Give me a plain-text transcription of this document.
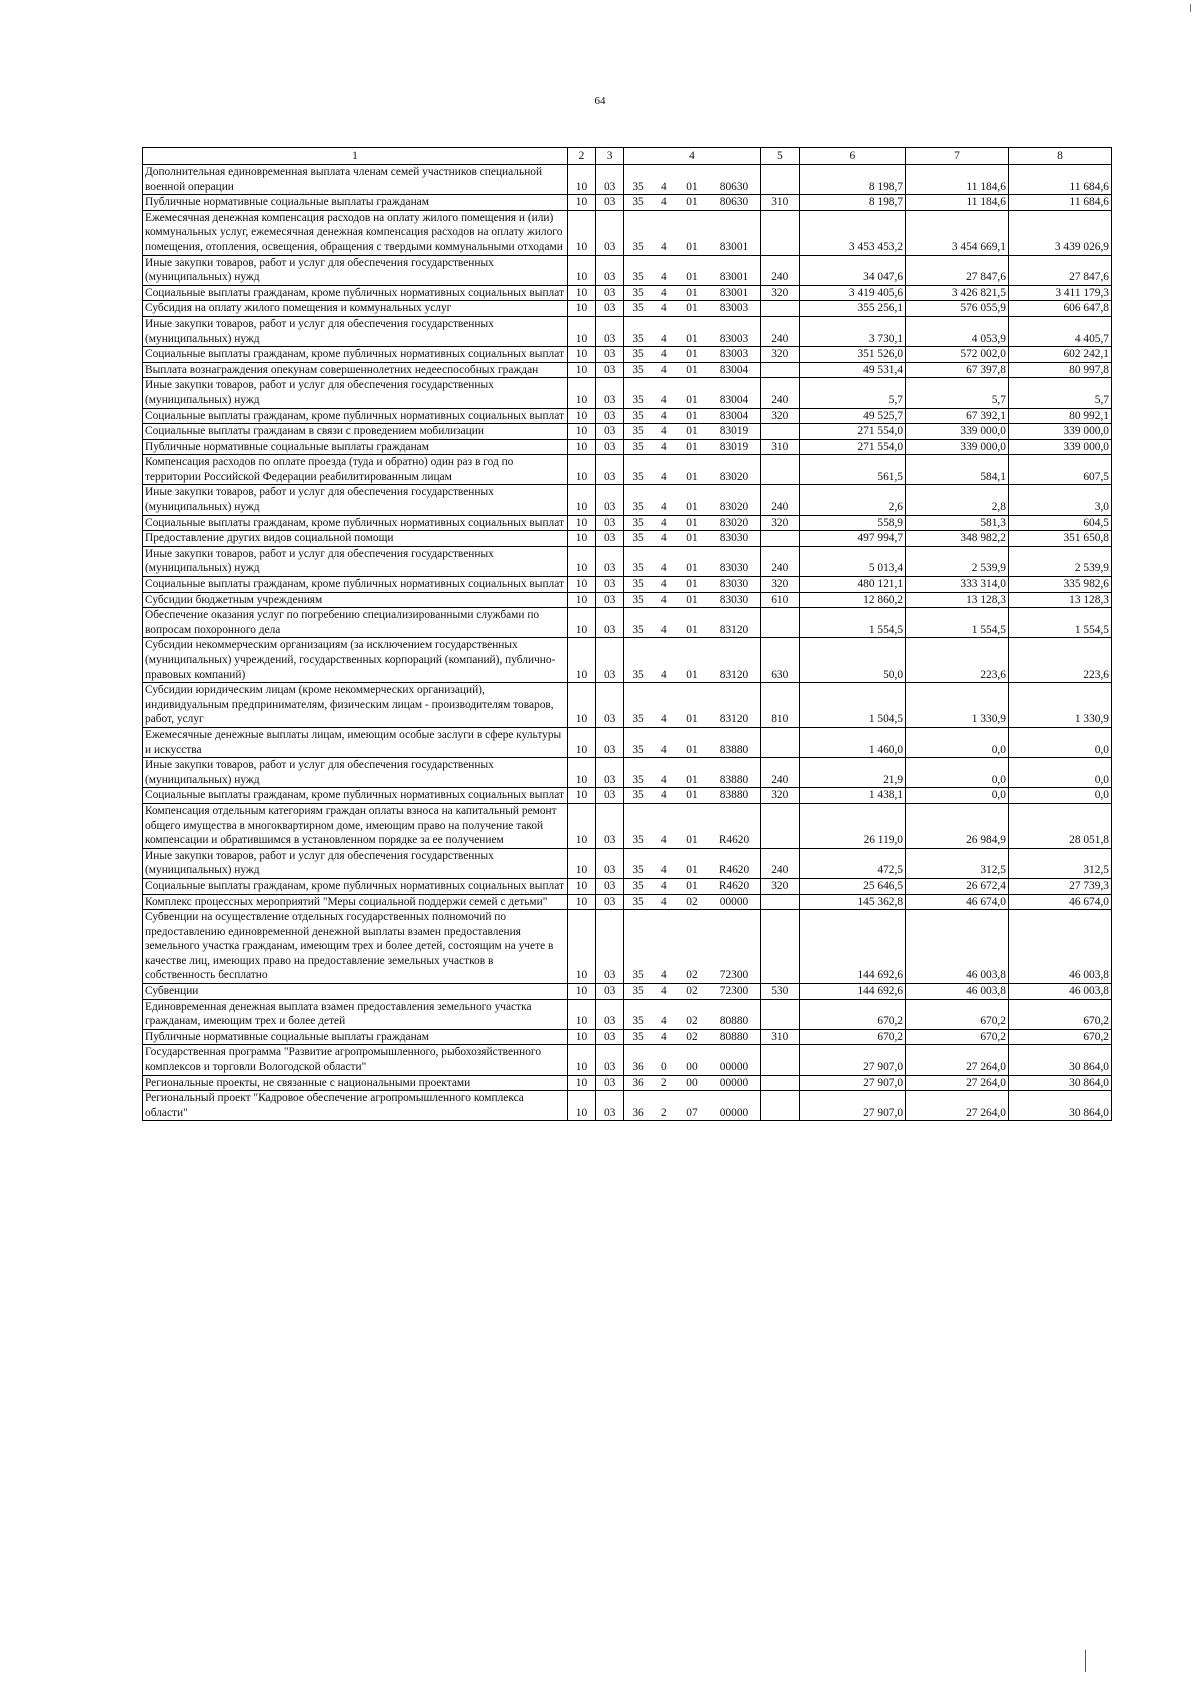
64
1	2	3	4				5	6	7	8
Дополнительная единовременная выплата членам семей участников специальной военной операции	10	03	35	4	01	80630		8 198,7	11 184,6	11 684,6
Публичные нормативные социальные выплаты гражданам	10	03	35	4	01	80630	310	8 198,7	11 184,6	11 684,6
Ежемесячная денежная компенсация расходов на оплату жилого помещения и (или) коммунальных услуг, ежемесячная денежная компенсация расходов на оплату жилого помещения, отопления, освещения, обращения с твердыми коммунальными отходами	10	03	35	4	01	83001		3 453 453,2	3 454 669,1	3 439 026,9
Иные закупки товаров, работ и услуг для обеспечения государственных (муниципальных) нужд	10	03	35	4	01	83001	240	34 047,6	27 847,6	27 847,6
Социальные выплаты гражданам, кроме публичных нормативных социальных выплат	10	03	35	4	01	83001	320	3 419 405,6	3 426 821,5	3 411 179,3
Субсидия на оплату жилого помещения и коммунальных услуг	10	03	35	4	01	83003		355 256,1	576 055,9	606 647,8
Иные закупки товаров, работ и услуг для обеспечения государственных (муниципальных) нужд	10	03	35	4	01	83003	240	3 730,1	4 053,9	4 405,7
Социальные выплаты гражданам, кроме публичных нормативных социальных выплат	10	03	35	4	01	83003	320	351 526,0	572 002,0	602 242,1
Выплата вознаграждения опекунам совершеннолетних недееспособных граждан	10	03	35	4	01	83004		49 531,4	67 397,8	80 997,8
Иные закупки товаров, работ и услуг для обеспечения государственных (муниципальных) нужд	10	03	35	4	01	83004	240	5,7	5,7	5,7
Социальные выплаты гражданам, кроме публичных нормативных социальных выплат	10	03	35	4	01	83004	320	49 525,7	67 392,1	80 992,1
Социальные выплаты гражданам в связи с проведением мобилизации	10	03	35	4	01	83019		271 554,0	339 000,0	339 000,0
Публичные нормативные социальные выплаты гражданам	10	03	35	4	01	83019	310	271 554,0	339 000,0	339 000,0
Компенсация расходов по оплате проезда (туда и обратно) один раз в год по территории Российской Федерации реабилитированным лицам	10	03	35	4	01	83020		561,5	584,1	607,5
Иные закупки товаров, работ и услуг для обеспечения государственных (муниципальных) нужд	10	03	35	4	01	83020	240	2,6	2,8	3,0
Социальные выплаты гражданам, кроме публичных нормативных социальных выплат	10	03	35	4	01	83020	320	558,9	581,3	604,5
Предоставление других видов социальной помощи	10	03	35	4	01	83030		497 994,7	348 982,2	351 650,8
Иные закупки товаров, работ и услуг для обеспечения государственных (муниципальных) нужд	10	03	35	4	01	83030	240	5 013,4	2 539,9	2 539,9
Социальные выплаты гражданам, кроме публичных нормативных социальных выплат	10	03	35	4	01	83030	320	480 121,1	333 314,0	335 982,6
Субсидии бюджетным учреждениям	10	03	35	4	01	83030	610	12 860,2	13 128,3	13 128,3
Обеспечение оказания услуг по погребению специализированными службами по вопросам похоронного дела	10	03	35	4	01	83120		1 554,5	1 554,5	1 554,5
Субсидии некоммерческим организациям (за исключением государственных (муниципальных) учреждений, государственных корпораций (компаний), публично-правовых компаний)	10	03	35	4	01	83120	630	50,0	223,6	223,6
Субсидии юридическим лицам (кроме некоммерческих организаций), индивидуальным предпринимателям, физическим лицам - производителям товаров, работ, услуг	10	03	35	4	01	83120	810	1 504,5	1 330,9	1 330,9
Ежемесячные денежные выплаты лицам, имеющим особые заслуги в сфере культуры и искусства	10	03	35	4	01	83880		1 460,0	0,0	0,0
Иные закупки товаров, работ и услуг для обеспечения государственных (муниципальных) нужд	10	03	35	4	01	83880	240	21,9	0,0	0,0
Социальные выплаты гражданам, кроме публичных нормативных социальных выплат	10	03	35	4	01	83880	320	1 438,1	0,0	0,0
Компенсация отдельным категориям граждан оплаты взноса на капитальный ремонт общего имущества в многоквартирном доме, имеющим право на получение такой компенсации и обратившимся в установленном порядке за ее получением	10	03	35	4	01	R4620		26 119,0	26 984,9	28 051,8
Иные закупки товаров, работ и услуг для обеспечения государственных (муниципальных) нужд	10	03	35	4	01	R4620	240	472,5	312,5	312,5
Социальные выплаты гражданам, кроме публичных нормативных социальных выплат	10	03	35	4	01	R4620	320	25 646,5	26 672,4	27 739,3
Комплекс процессных мероприятий "Меры социальной поддержи семей с детьми"	10	03	35	4	02	00000		145 362,8	46 674,0	46 674,0
Субвенции на осуществление отдельных государственных полномочий по предоставлению единовременной денежной выплаты взамен предоставления земельного участка гражданам, имеющим трех и более детей, состоящим на учете в качестве лиц, имеющих право на предоставление земельных участков в собственность бесплатно	10	03	35	4	02	72300		144 692,6	46 003,8	46 003,8
Субвенции	10	03	35	4	02	72300	530	144 692,6	46 003,8	46 003,8
Единовременная денежная выплата взамен предоставления земельного участка гражданам, имеющим трех и более детей	10	03	35	4	02	80880		670,2	670,2	670,2
Публичные нормативные социальные выплаты гражданам	10	03	35	4	02	80880	310	670,2	670,2	670,2
Государственная программа "Развитие агропромышленного, рыбохозяйственного комплексов и торговли Вологодской области"	10	03	36	0	00	00000		27 907,0	27 264,0	30 864,0
Региональные проекты, не связанные с национальными проектами	10	03	36	2	00	00000		27 907,0	27 264,0	30 864,0
Региональный проект "Кадровое обеспечение агропромышленного комплекса области"	10	03	36	2	07	00000		27 907,0	27 264,0	30 864,0
